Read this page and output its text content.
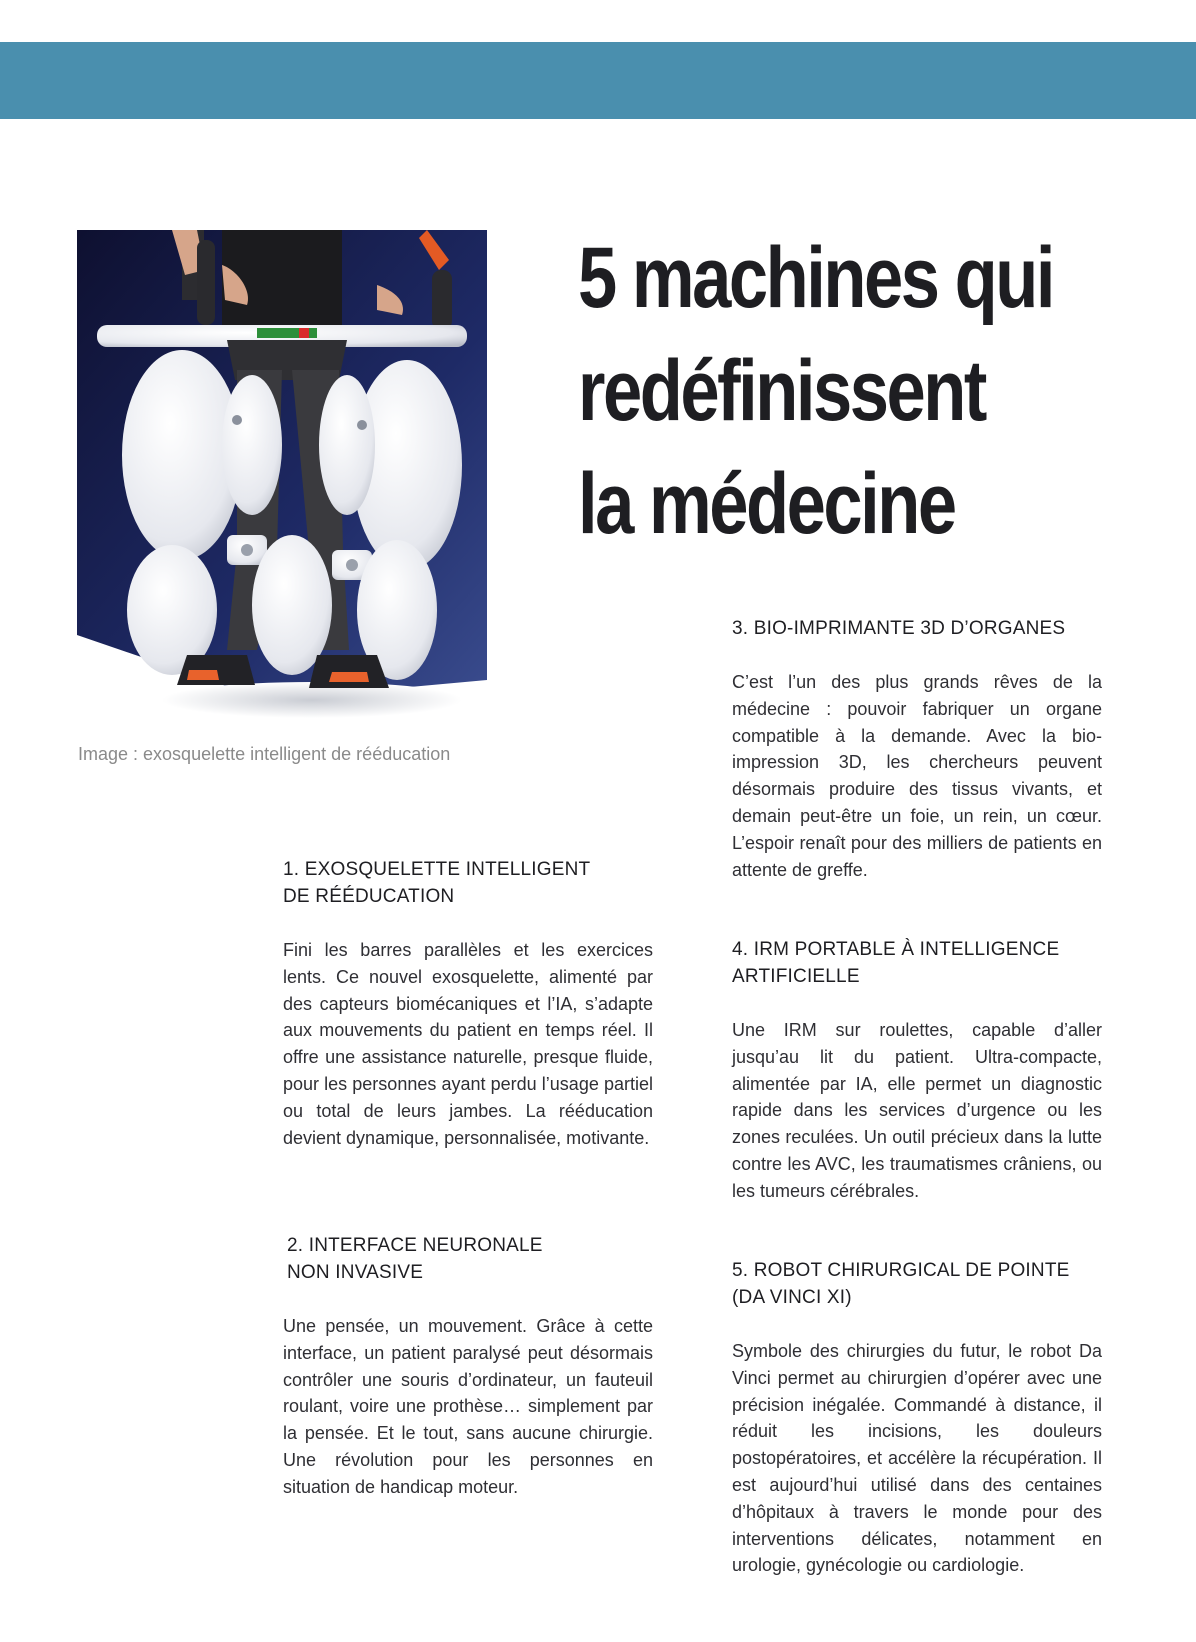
Image : exosquelette intelligent de rééducation
5 machines qui
redéfinissent
la médecine
1. EXOSQUELETTE INTELLIGENT
DE RÉÉDUCATION

Fini les barres parallèles et les exercices lents. Ce nouvel exosquelette, alimenté par des capteurs biomécaniques et l’IA, s’adapte aux mouvements du patient en temps réel. Il offre une assistance naturelle, presque fluide, pour les personnes ayant perdu l’usage partiel ou total de leurs jambes. La rééducation devient dynamique, personnalisée, motivante.

2. INTERFACE NEURONALE
NON INVASIVE

Une pensée, un mouvement. Grâce à cette interface, un patient paralysé peut désormais contrôler une souris d’ordinateur, un fauteuil roulant, voire une prothèse… simplement par la pensée. Et le tout, sans aucune chirurgie. Une révolution pour les personnes en situation de handicap moteur.

3. BIO-IMPRIMANTE 3D D’ORGANES

C’est l’un des plus grands rêves de la médecine : pouvoir fabriquer un organe compatible à la demande. Avec la bio-impression 3D, les chercheurs peuvent désormais produire des tissus vivants, et demain peut-être un foie, un rein, un cœur. L’espoir renaît pour des milliers de patients en attente de greffe.

4. IRM PORTABLE À INTELLIGENCE
ARTIFICIELLE

Une IRM sur roulettes, capable d’aller jusqu’au lit du patient. Ultra-compacte, alimentée par IA, elle permet un diagnostic rapide dans les services d’urgence ou les zones reculées. Un outil précieux dans la lutte contre les AVC, les traumatismes crâniens, ou les tumeurs cérébrales.

5. ROBOT CHIRURGICAL DE POINTE
(DA VINCI XI)

Symbole des chirurgies du futur, le robot Da Vinci permet au chirurgien d’opérer avec une précision inégalée. Commandé à distance, il réduit les incisions, les douleurs postopératoires, et accélère la récupération. Il est aujourd’hui utilisé dans des centaines d’hôpitaux à travers le monde pour des interventions délicates, notamment en urologie, gynécologie ou cardiologie.
